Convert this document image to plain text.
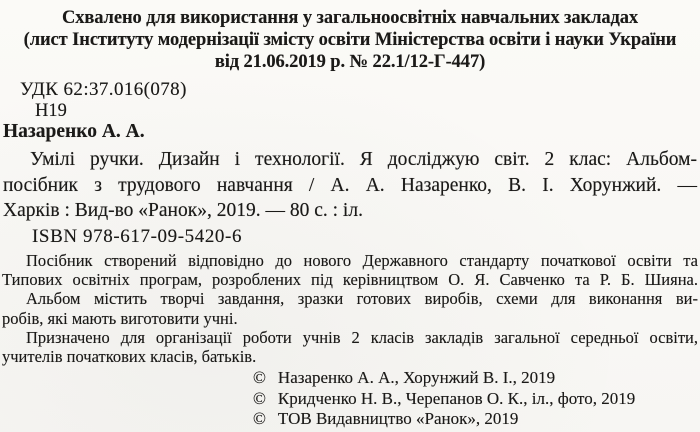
Схвалено для використання у загальноосвітніх навчальних закладах
(лист Інституту модернізації змісту освіти Міністерства освіти і науки України
від 21.06.2019 р. № 22.1/12-Г-447)
УДК 62:37.016(078)
Н19
Назаренко А. А.
Умілі ручки. Дизайн і технології. Я досліджую світ. 2 клас: Альбом-
посібник з трудового навчання / А. А. Назаренко, В. І. Хорунжий. —
Харків : Вид-во «Ранок», 2019. — 80 с. : іл.
ISBN 978-617-09-5420-6
Посібник створений відповідно до нового Державного стандарту початкової освіти та
Типових освітніх програм, розроблених під керівництвом О. Я. Савченко та Р. Б. Шияна.
Альбом містить творчі завдання, зразки готових виробів, схеми для виконання ви-
робів, які мають виготовити учні.
Призначено для організації роботи учнів 2 класів закладів загальної середньої освіти,
учителів початкових класів, батьків.
© Назаренко А. А., Хорунжий В. І., 2019
© Кридченко Н. В., Черепанов О. К., іл., фото, 2019
© ТОВ Видавництво «Ранок», 2019
